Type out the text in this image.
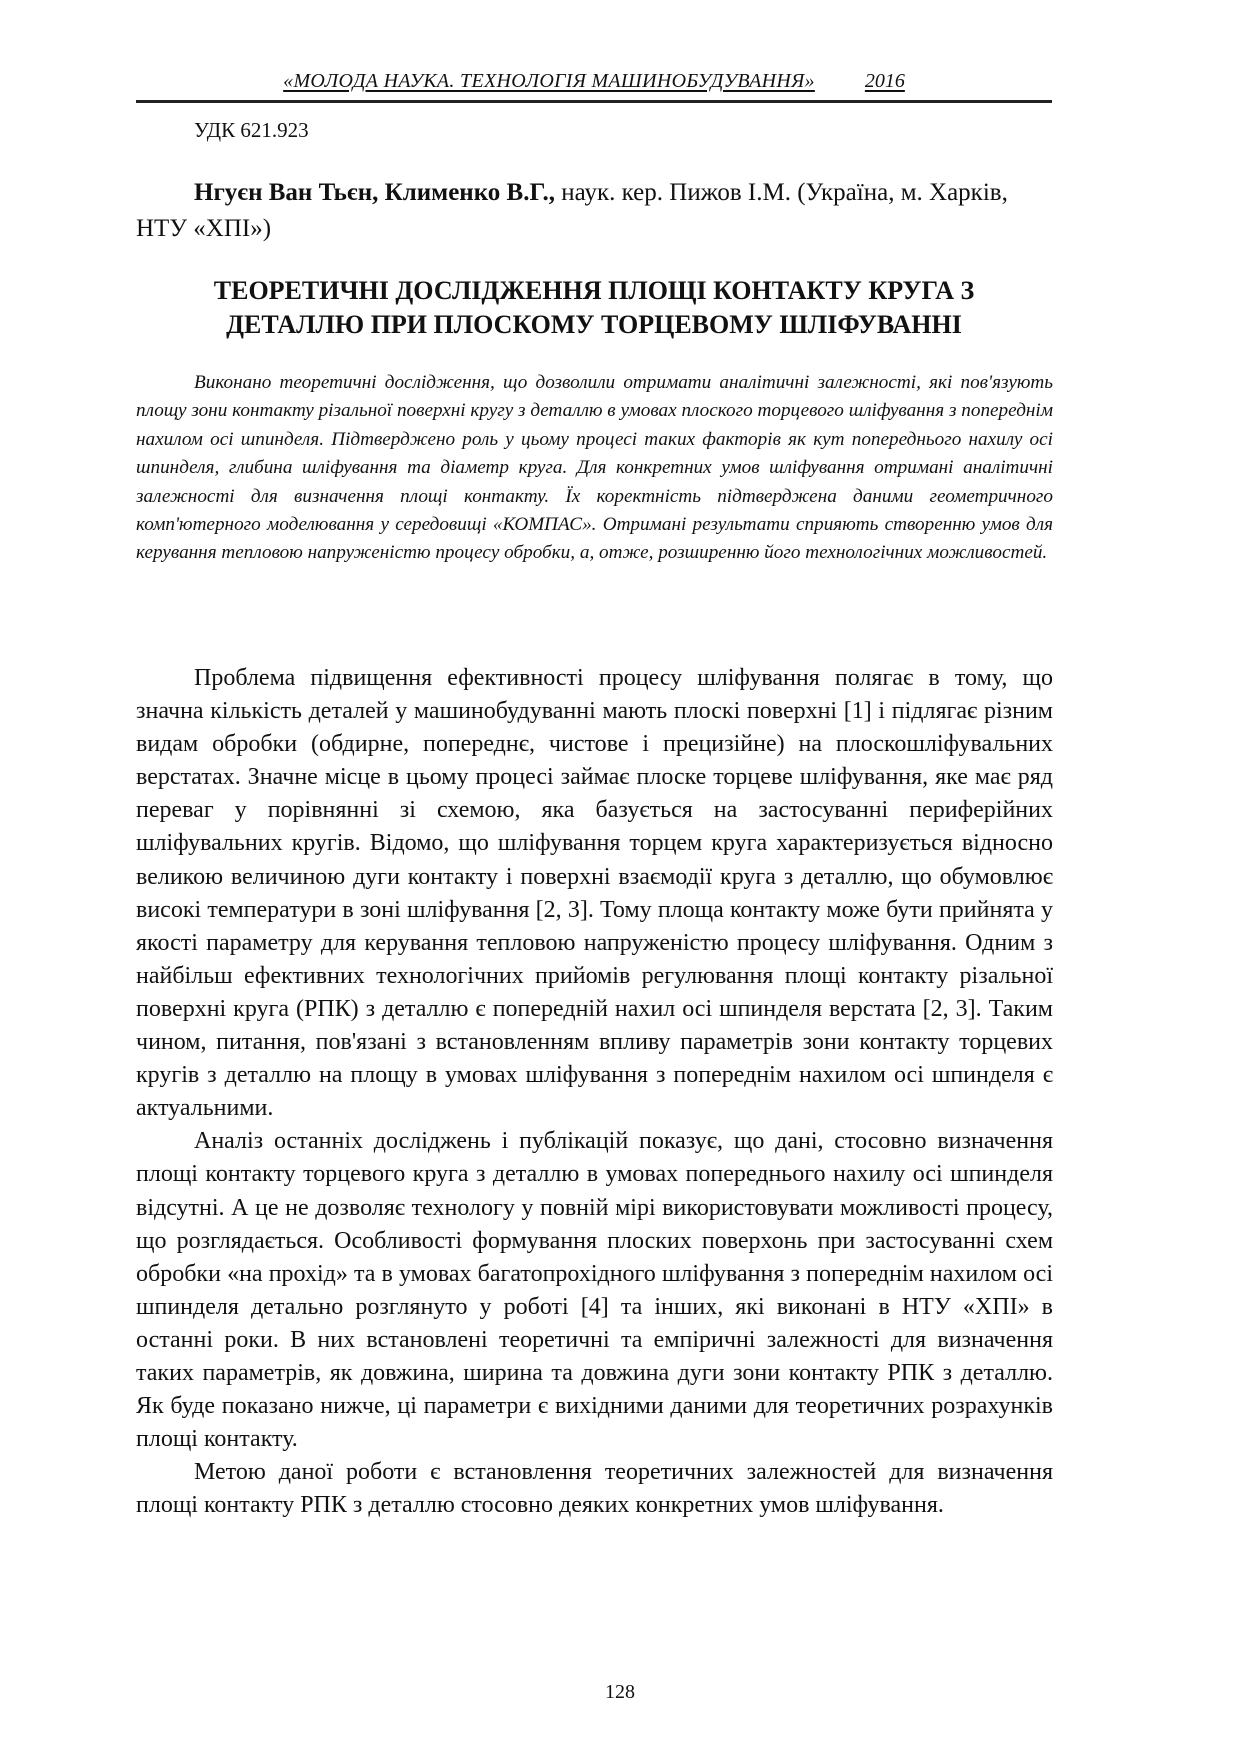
«МОЛОДА НАУКА. ТЕХНОЛОГІЯ МАШИНОБУДУВАННЯ»	2016
УДК 621.923
Нгуєн Ван Тьєн, Клименко В.Г., наук. кер. Пижов І.М. (Україна, м. Харків, НТУ «ХПІ»)
ТЕОРЕТИЧНІ ДОСЛІДЖЕННЯ ПЛОЩІ КОНТАКТУ КРУГА З
ДЕТАЛЛЮ ПРИ ПЛОСКОМУ ТОРЦЕВОМУ ШЛІФУВАННІ
Виконано теоретичні дослідження, що дозволили отримати аналітичні залежності, які пов'язують площу зони контакту різальної поверхні кругу з деталлю в умовах плоского торцевого шліфування з попереднім нахилом осі шпинделя. Підтверджено роль у цьому процесі таких факторів як кут попереднього нахилу осі шпинделя, глибина шліфування та діаметр круга. Для конкретних умов шліфування отримані аналітичні залежності для визначення площі контакту. Їх коректність підтверджена даними геометричного комп'ютерного моделювання у середовищі «КОМПАС». Отримані результати сприяють створенню умов для керування тепловою напруженістю процесу обробки, а, отже, розширенню його технологічних можливостей.

Проблема підвищення ефективності процесу шліфування полягає в тому, що значна кількість деталей у машинобудуванні мають плоскі поверхні [1] і підлягає різним видам обробки (обдирне, попереднє, чистове і прецизійне) на плоскошліфувальних верстатах. Значне місце в цьому процесі займає плоске торцеве шліфування, яке має ряд переваг у порівнянні зі схемою, яка базується на застосуванні периферійних шліфувальних кругів. Відомо, що шліфування торцем круга характеризується відносно великою величиною дуги контакту і поверхні взаємодії круга з деталлю, що обумовлює високі температури в зоні шліфування [2, 3]. Тому площа контакту може бути прийнята у якості параметру для керування тепловою напруженістю процесу шліфування. Одним з найбільш ефективних технологічних прийомів регулювання площі контакту різальної поверхні круга (РПК) з деталлю є попередній нахил осі шпинделя верстата [2, 3]. Таким чином, питання, пов'язані з встановленням впливу параметрів зони контакту торцевих кругів з деталлю на площу в умовах шліфування з попереднім нахилом осі шпинделя є актуальними.

Аналіз останніх досліджень і публікацій показує, що дані, стосовно визначення площі контакту торцевого круга з деталлю в умовах попереднього нахилу осі шпинделя відсутні. А це не дозволяє технологу у повній мірі використовувати можливості процесу, що розглядається. Особливості формування плоских поверхонь при застосуванні схем обробки «на прохід» та в умовах багатопрохідного шліфування з попереднім нахилом осі шпинделя детально розглянуто у роботі [4] та інших, які виконані в НТУ «ХПІ» в останні роки. В них встановлені теоретичні та емпіричні залежності для визначення таких параметрів, як довжина, ширина та довжина дуги зони контакту РПК з деталлю. Як буде показано нижче, ці параметри є вихідними даними для теоретичних розрахунків площі контакту.

Метою даної роботи є встановлення теоретичних залежностей для визначення площі контакту РПК з деталлю стосовно деяких конкретних умов шліфування.

128
